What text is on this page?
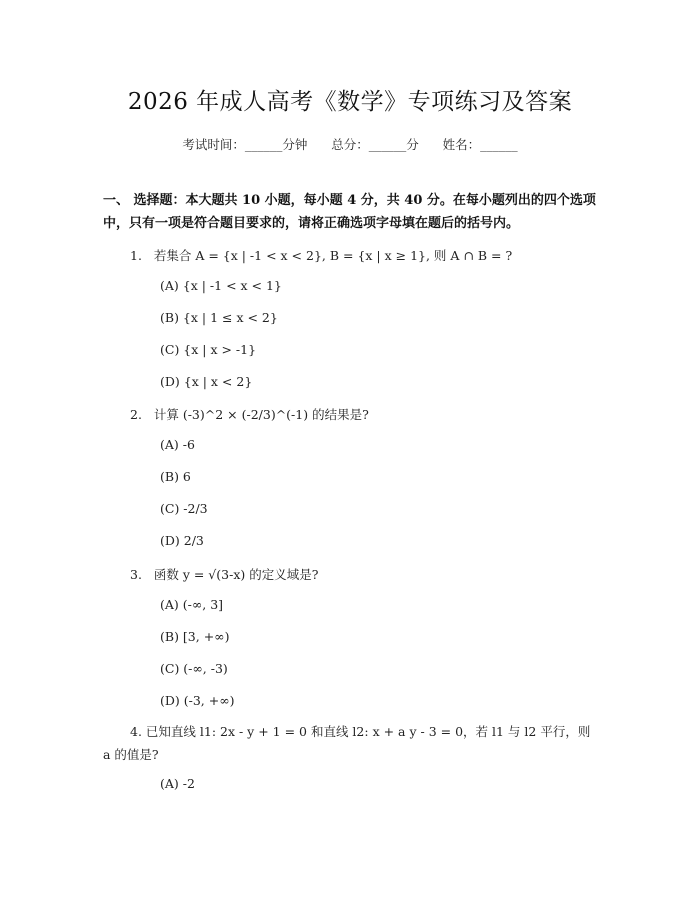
2026 年成人高考《数学》专项练习及答案
考试时间：______分钟      总分：______分      姓名：______
一、 选择题：本大题共 10 小题，每小题 4 分，共 40 分。在每小题列出的四个选项中，只有一项是符合题目要求的，请将正确选项字母填在题后的括号内。
1.   若集合 A = {x | -1 < x < 2}, B = {x | x ≥ 1}, 则 A ∩ B = ?
(A) {x | -1 < x < 1}
(B) {x | 1 ≤ x < 2}
(C) {x | x > -1}
(D) {x | x < 2}
2.   计算 (-3)^2 × (-2/3)^(-1) 的结果是?
(A) -6
(B) 6
(C) -2/3
(D) 2/3
3.   函数 y = √(3-x) 的定义域是?
(A) (-∞, 3]
(B) [3, +∞)
(C) (-∞, -3)
(D) (-3, +∞)
4. 已知直线 l1: 2x - y + 1 = 0 和直线 l2: x + a y - 3 = 0，若 l1 与 l2 平行，则 a 的值是?
(A) -2
